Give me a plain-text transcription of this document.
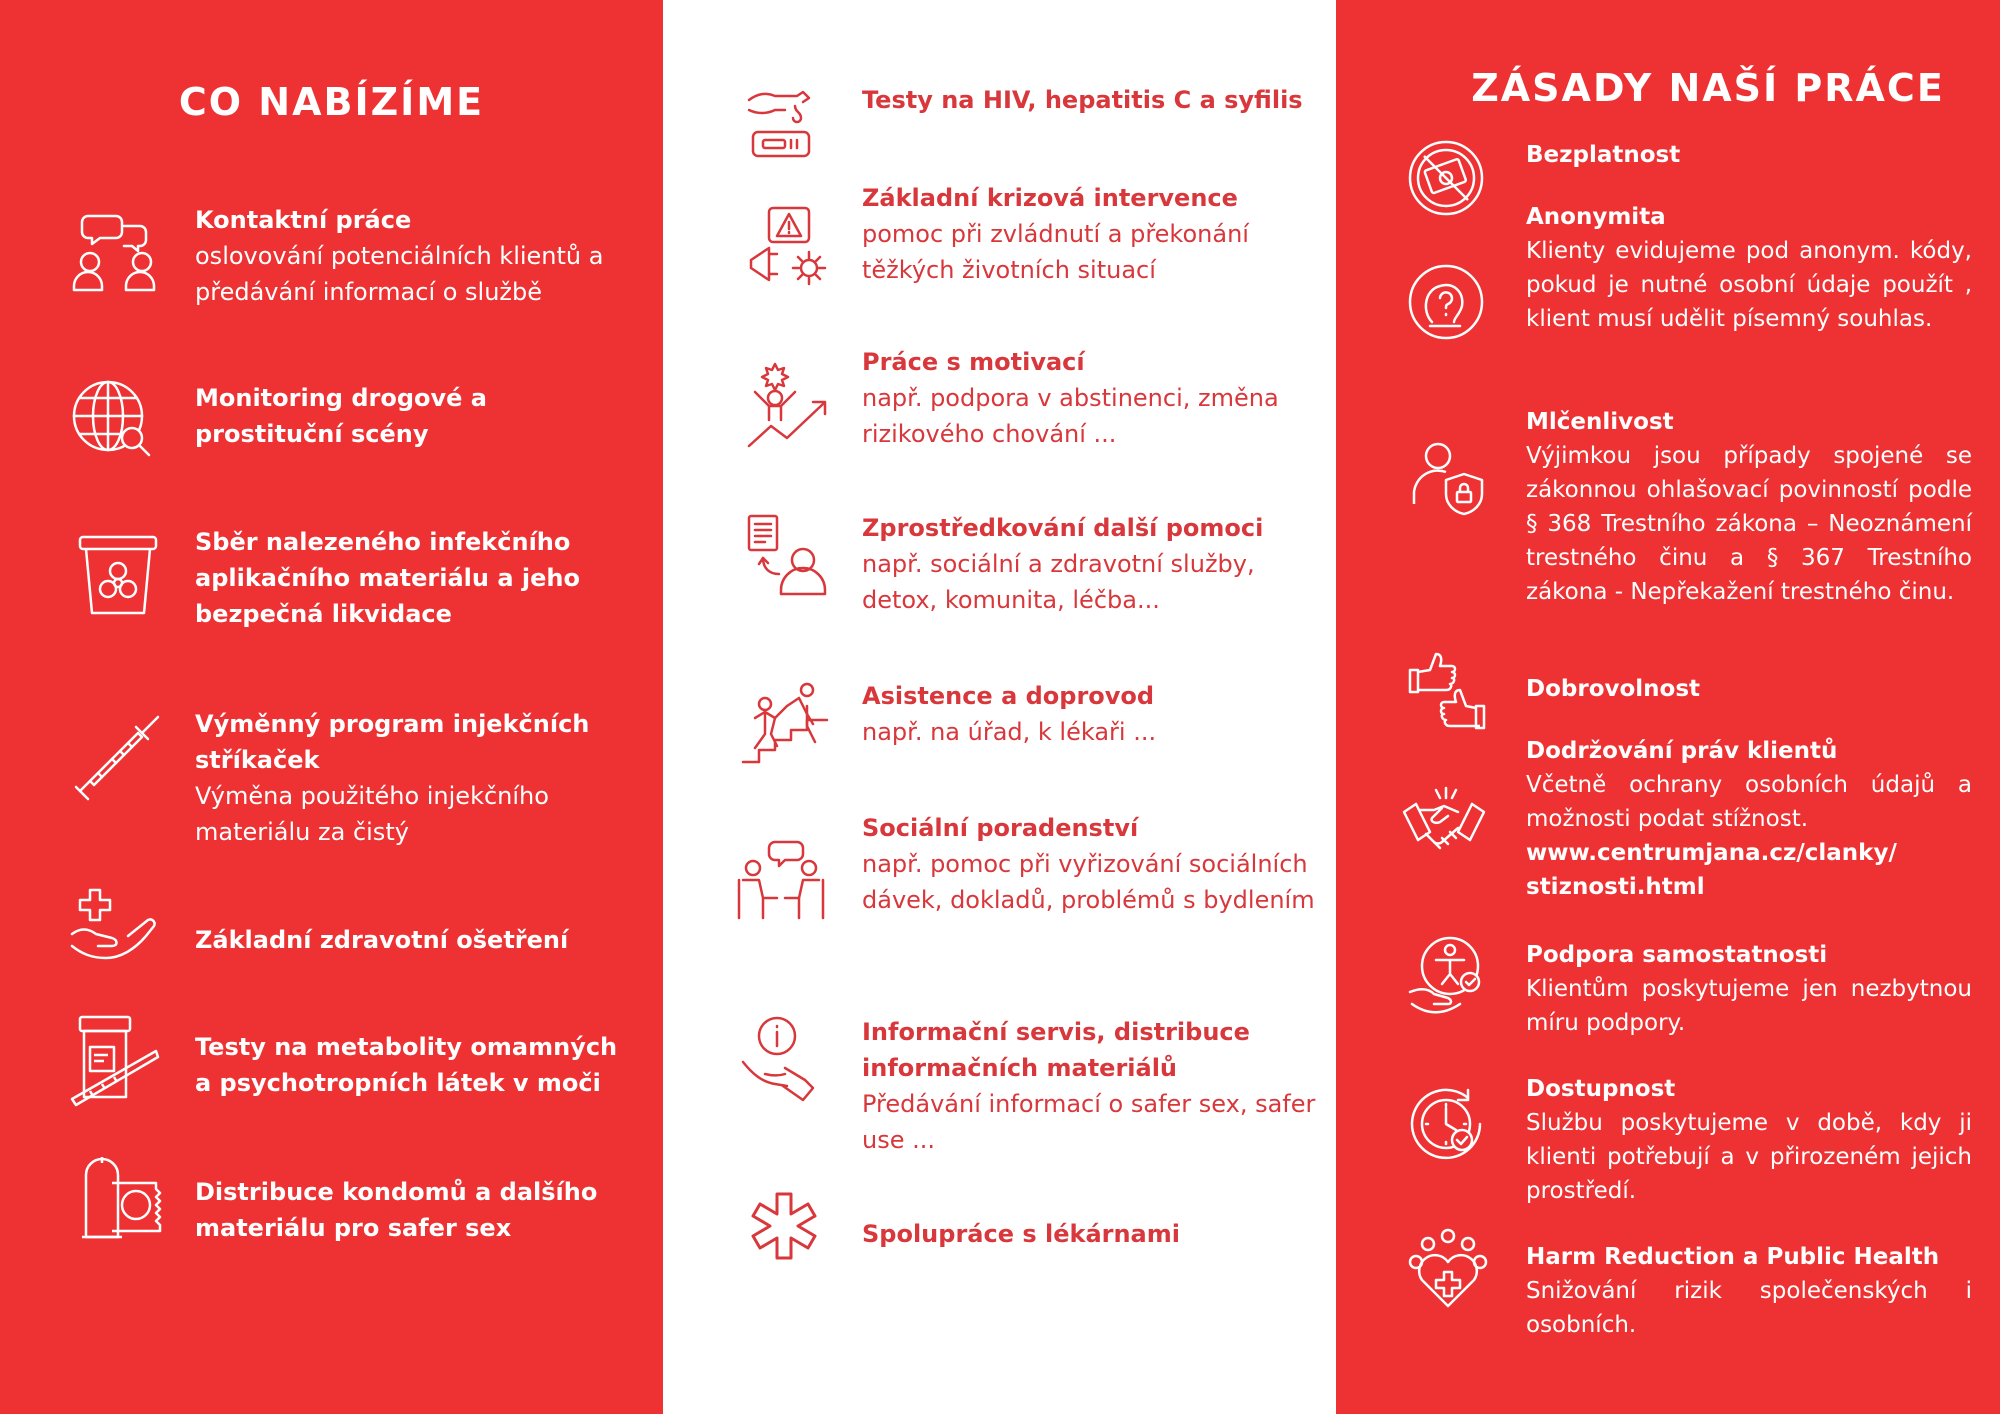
CO NABÍZÍME
Kontaktní práce
oslovování potenciálních klientů a předávání informací o službě
Monitoring drogové a prostituční scény
Sběr nalezeného infekčního aplikačního materiálu a jeho bezpečná likvidace
Výměnný program injekčních stříkaček
Výměna použitého injekčního materiálu za čistý
Základní zdravotní ošetření
Testy na metabolity omamných a psychotropních látek v moči
Distribuce kondomů a dalšího materiálu pro safer sex
Testy na HIV, hepatitis C a syfilis
Základní krizová intervence
pomoc při zvládnutí a překonání těžkých životních situací
Práce s motivací
např. podpora v abstinenci, změna rizikového chování ...
Zprostředkování další pomoci
např. sociální a zdravotní služby, detox, komunita, léčba...
Asistence a doprovod
např. na úřad, k lékaři ...
Sociální poradenství
např. pomoc při vyřizování sociálních dávek, dokladů, problémů s bydlením
Informační servis, distribuce informačních materiálů
Předávání informací o safer sex, safer use ...
Spolupráce s lékárnami
ZÁSADY NAŠÍ PRÁCE
Bezplatnost
Anonymita
Klienty evidujeme pod anonym. kódy, pokud je nutné osobní údaje použít , klient musí udělit písemný souhlas.
Mlčenlivost
Výjimkou jsou případy spojené se zákonnou ohlašovací povinností podle § 368 Trestního zákona – Neoznámení trestného činu a § 367 Trestního zákona - Nepřekažení trestného činu.
Dobrovolnost
Dodržování práv klientů
Včetně ochrany osobních údajů a možnosti podat stížnost.
www.centrumjana.cz/clanky/ stiznosti.html
Podpora samostatnosti
Klientům poskytujeme jen nezbytnou míru podpory.
Dostupnost
Službu poskytujeme v době, kdy ji klienti potřebují a v přirozeném jejich prostředí.
Harm Reduction a Public Health
Snižování rizik společenských i osobních.
